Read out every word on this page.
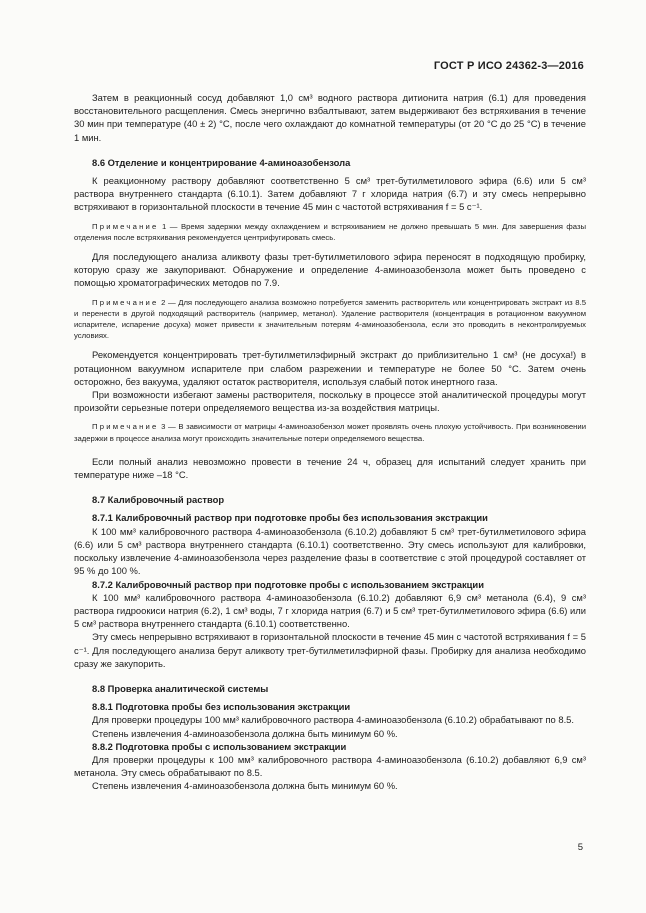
ГОСТ Р ИСО 24362-3—2016

Затем в реакционный сосуд добавляют 1,0 см³ водного раствора дитионита натрия (6.1) для проведения восстановительного расщепления. Смесь энергично взбалтывают, затем выдерживают без встряхивания в течение 30 мин при температуре (40 ± 2) °С, после чего охлаждают до комнатной температуры (от 20 °С до 25 °С) в течение 1 мин.

8.6 Отделение и концентрирование 4-аминоазобензола

К реакционному раствору добавляют соответственно 5 см³ трет-бутилметилового эфира (6.6) или 5 см³ раствора внутреннего стандарта (6.10.1). Затем добавляют 7 г хлорида натрия (6.7) и эту смесь непрерывно встряхивают в горизонтальной плоскости в течение 45 мин с частотой встряхивания f = 5 с⁻¹.

Примечание 1 — Время задержки между охлаждением и встряхиванием не должно превышать 5 мин. Для завершения фазы отделения после встряхивания рекомендуется центрифугировать смесь.

Для последующего анализа аликвоту фазы трет-бутилметилового эфира переносят в подходящую пробирку, которую сразу же закупоривают. Обнаружение и определение 4-аминоазобензола может быть проведено с помощью хроматографических методов по 7.9.

Примечание 2 — Для последующего анализа возможно потребуется заменить растворитель или концентрировать экстракт из 8.5 и перенести в другой подходящий растворитель (например, метанол). Удаление растворителя (концентрация в ротационном вакуумном испарителе, испарение досуха) может привести к значительным потерям 4-аминоазобензола, если это проводить в неконтролируемых условиях.

Рекомендуется концентрировать трет-бутилметилэфирный экстракт до приблизительно 1 см³ (не досуха!) в ротационном вакуумном испарителе при слабом разрежении и температуре не более 50 °С. Затем очень осторожно, без вакуума, удаляют остаток растворителя, используя слабый поток инертного газа.

При возможности избегают замены растворителя, поскольку в процессе этой аналитической процедуры могут произойти серьезные потери определяемого вещества из-за воздействия матрицы.

Примечание 3 — В зависимости от матрицы 4-аминоазобензол может проявлять очень плохую устойчивость. При возникновении задержки в процессе анализа могут происходить значительные потери определяемого вещества.

Если полный анализ невозможно провести в течение 24 ч, образец для испытаний следует хранить при температуре ниже –18 °С.

8.7 Калибровочный раствор

8.7.1 Калибровочный раствор при подготовке пробы без использования экстракции

К 100 мм³ калибровочного раствора 4-аминоазобензола (6.10.2) добавляют 5 см³ трет-бутилметилового эфира (6.6) или 5 см³ раствора внутреннего стандарта (6.10.1) соответственно. Эту смесь используют для калибровки, поскольку извлечение 4-аминоазобензола через разделение фазы в соответствие с этой процедурой составляет от 95 % до 100 %.

8.7.2 Калибровочный раствор при подготовке пробы с использованием экстракции

К 100 мм³ калибровочного раствора 4-аминоазобензола (6.10.2) добавляют 6,9 см³ метанола (6.4), 9 см³ раствора гидроокиси натрия (6.2), 1 см³ воды, 7 г хлорида натрия (6.7) и 5 см³ трет-бутилметилового эфира (6.6) или 5 см³ раствора внутреннего стандарта (6.10.1) соответственно.

Эту смесь непрерывно встряхивают в горизонтальной плоскости в течение 45 мин с частотой встряхивания f = 5 с⁻¹. Для последующего анализа берут аликвоту трет-бутилметилэфирной фазы. Пробирку для анализа необходимо сразу же закупорить.

8.8 Проверка аналитической системы

8.8.1 Подготовка пробы без использования экстракции

Для проверки процедуры 100 мм³ калибровочного раствора 4-аминоазобензола (6.10.2) обрабатывают по 8.5.

Степень извлечения 4-аминоазобензола должна быть минимум 60 %.

8.8.2 Подготовка пробы с использованием экстракции

Для проверки процедуры к 100 мм³ калибровочного раствора 4-аминоазобензола (6.10.2) добавляют 6,9 см³ метанола. Эту смесь обрабатывают по 8.5.

Степень извлечения 4-аминоазобензола должна быть минимум 60 %.

5
